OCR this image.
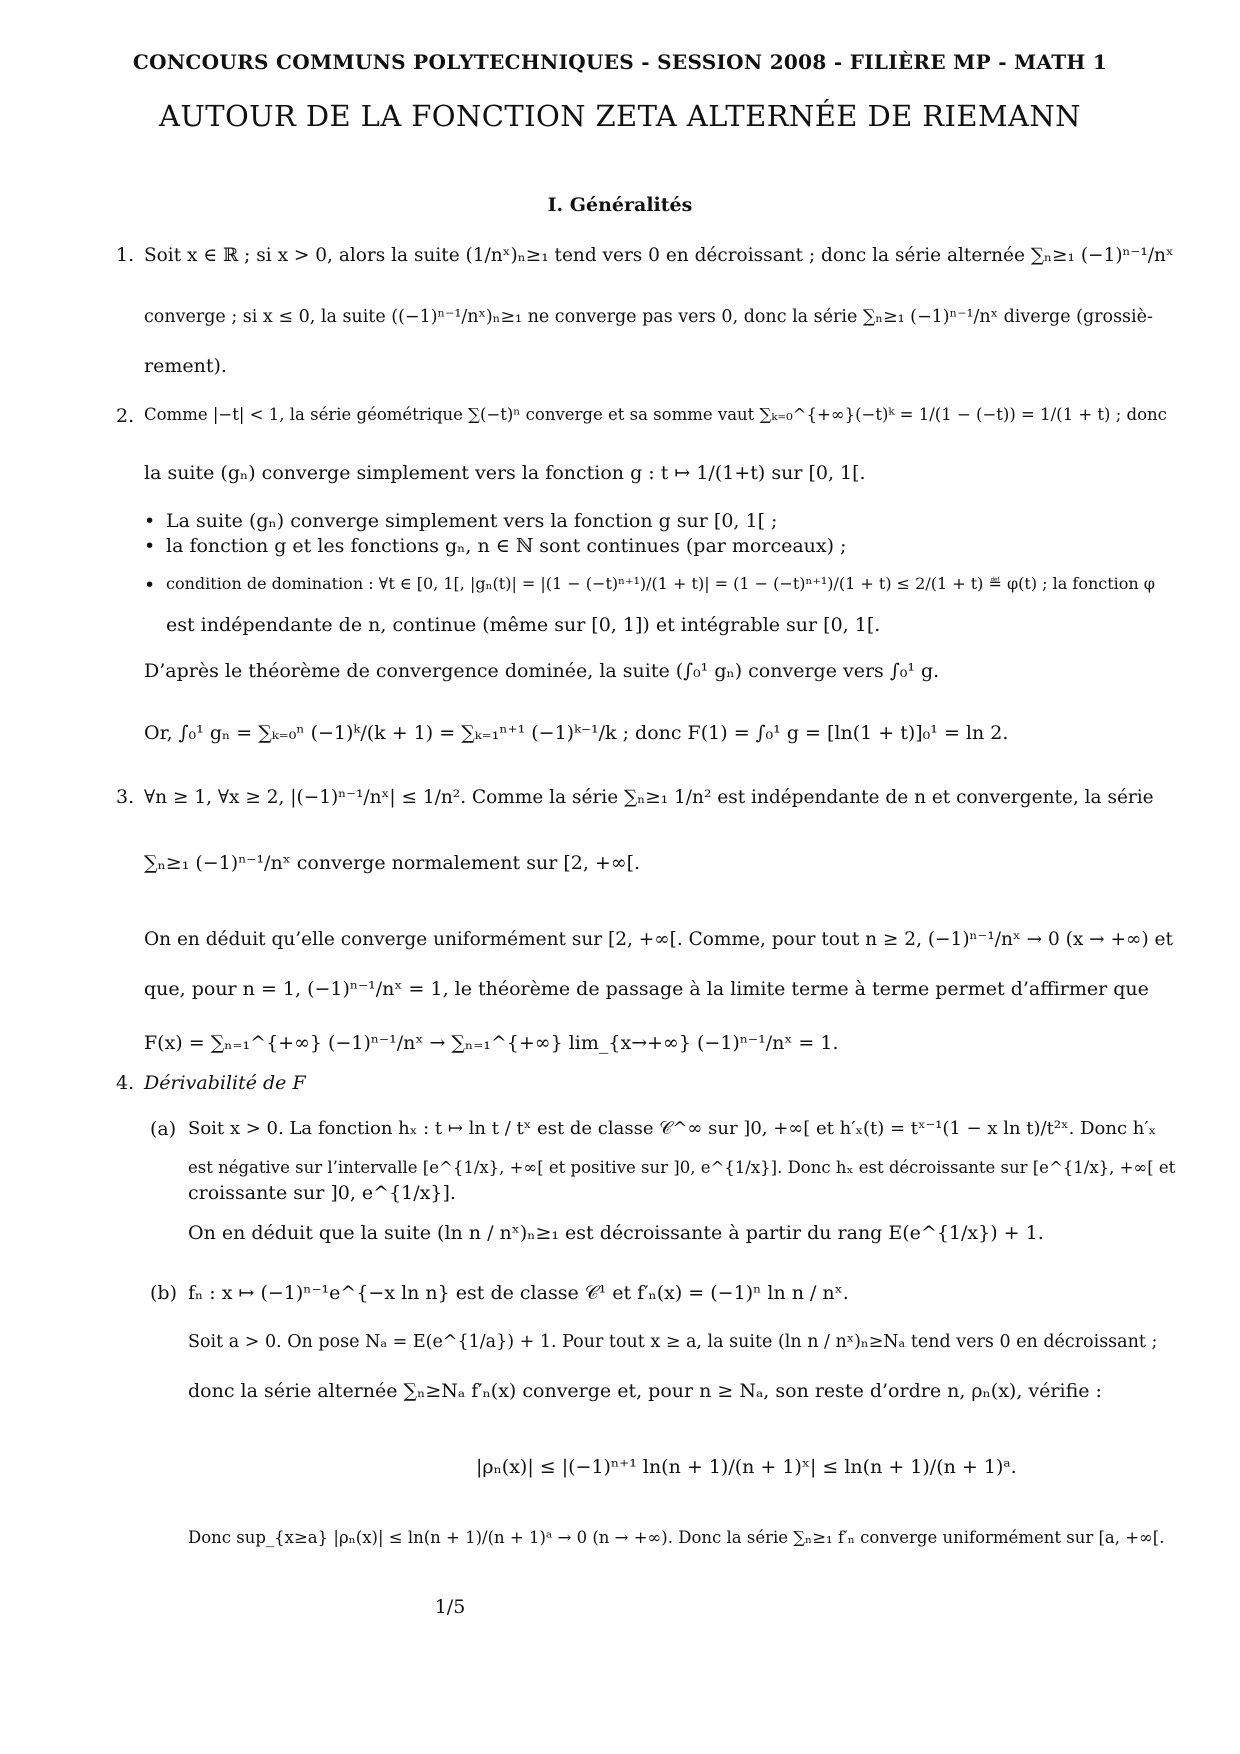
CONCOURS COMMUNS POLYTECHNIQUES - SESSION 2008 - FILIÈRE MP - MATH 1
AUTOUR DE LA FONCTION ZETA ALTERNÉE DE RIEMANN
I. Généralités
1. Soit x ∈ ℝ ; si x > 0, alors la suite (1/nˣ)ₙ≥₁ tend vers 0 en décroissant ; donc la série alternée ∑ₙ≥₁ (−1)ⁿ⁻¹/nˣ
converge ; si x ≤ 0, la suite ((−1)ⁿ⁻¹/nˣ)ₙ≥₁ ne converge pas vers 0, donc la série ∑ₙ≥₁ (−1)ⁿ⁻¹/nˣ diverge (grossiè-
rement).
2. Comme |−t| < 1, la série géométrique ∑(−t)ⁿ converge et sa somme vaut ∑ₖ₌₀^{+∞}(−t)ᵏ = 1/(1 − (−t)) = 1/(1 + t) ; donc
la suite (gₙ) converge simplement vers la fonction g : t ↦ 1/(1+t) sur [0, 1[.
• La suite (gₙ) converge simplement vers la fonction g sur [0, 1[ ;
• la fonction g et les fonctions gₙ, n ∈ ℕ sont continues (par morceaux) ;
• condition de domination : ∀t ∈ [0, 1[, |gₙ(t)| = |(1 − (−t)ⁿ⁺¹)/(1 + t)| = (1 − (−t)ⁿ⁺¹)/(1 + t) ≤ 2/(1 + t) ≝ φ(t) ; la fonction φ
est indépendante de n, continue (même sur [0, 1]) et intégrable sur [0, 1[.
D’après le théorème de convergence dominée, la suite (∫₀¹ gₙ) converge vers ∫₀¹ g.
Or, ∫₀¹ gₙ = ∑ₖ₌₀ⁿ (−1)ᵏ/(k + 1) = ∑ₖ₌₁ⁿ⁺¹ (−1)ᵏ⁻¹/k ; donc F(1) = ∫₀¹ g = [ln(1 + t)]₀¹ = ln 2.
3. ∀n ≥ 1, ∀x ≥ 2, |(−1)ⁿ⁻¹/nˣ| ≤ 1/n². Comme la série ∑ₙ≥₁ 1/n² est indépendante de n et convergente, la série
∑ₙ≥₁ (−1)ⁿ⁻¹/nˣ converge normalement sur [2, +∞[.
On en déduit qu’elle converge uniformément sur [2, +∞[. Comme, pour tout n ≥ 2, (−1)ⁿ⁻¹/nˣ → 0 (x → +∞) et
que, pour n = 1, (−1)ⁿ⁻¹/nˣ = 1, le théorème de passage à la limite terme à terme permet d’affirmer que
F(x) = ∑ₙ₌₁^{+∞} (−1)ⁿ⁻¹/nˣ → ∑ₙ₌₁^{+∞} lim_{x→+∞} (−1)ⁿ⁻¹/nˣ = 1.
4. Dérivabilité de F
(a) Soit x > 0. La fonction hₓ : t ↦ ln t / tˣ est de classe 𝒞^∞ sur ]0, +∞[ et h′ₓ(t) = tˣ⁻¹(1 − x ln t)/t²ˣ. Donc h′ₓ
est négative sur l’intervalle [e^{1/x}, +∞[ et positive sur ]0, e^{1/x}]. Donc hₓ est décroissante sur [e^{1/x}, +∞[ et
croissante sur ]0, e^{1/x}].
On en déduit que la suite (ln n / nˣ)ₙ≥₁ est décroissante à partir du rang E(e^{1/x}) + 1.
(b) fₙ : x ↦ (−1)ⁿ⁻¹e^{−x ln n} est de classe 𝒞¹ et f′ₙ(x) = (−1)ⁿ ln n / nˣ.
Soit a > 0. On pose Nₐ = E(e^{1/a}) + 1. Pour tout x ≥ a, la suite (ln n / nˣ)ₙ≥Nₐ tend vers 0 en décroissant ;
donc la série alternée ∑ₙ≥Nₐ f′ₙ(x) converge et, pour n ≥ Nₐ, son reste d’ordre n, ρₙ(x), vérifie :
|ρₙ(x)| ≤ |(−1)ⁿ⁺¹ ln(n + 1)/(n + 1)ˣ| ≤ ln(n + 1)/(n + 1)ᵃ.
Donc sup_{x≥a} |ρₙ(x)| ≤ ln(n + 1)/(n + 1)ᵃ → 0 (n → +∞). Donc la série ∑ₙ≥₁ f′ₙ converge uniformément sur [a, +∞[.
1/5
